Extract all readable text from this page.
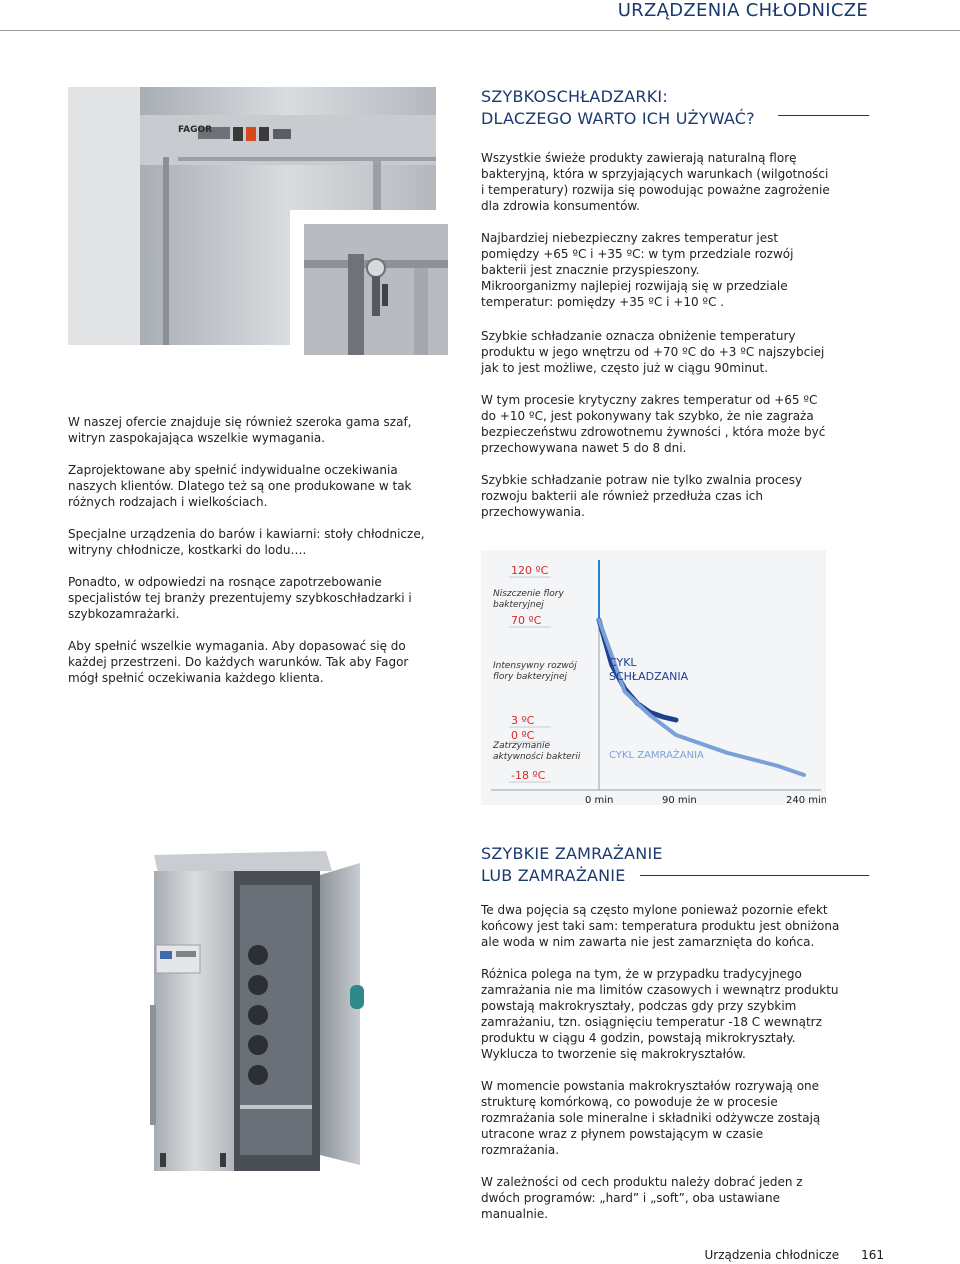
URZĄDZENIA CHŁODNICZE
FAGOR
SZYBKOSCHŁADZARKI:
DLACZEGO WARTO ICH UŻYWAĆ?

Wszystkie świeże produkty zawierają naturalną florę bakteryjną, która w sprzyjających warunkach (wilgotności i temperatury) rozwija się powodując poważne zagrożenie dla zdrowia konsumentów.

Najbardziej niebezpieczny zakres temperatur jest pomiędzy +65 ºC i +35 ºC: w tym przedziale rozwój bakterii jest znacznie przyspieszony.

Mikroorganizmy najlepiej rozwijają się w przedziale temperatur: pomiędzy +35 ºC i +10 ºC .

Szybkie schładzanie oznacza obniżenie temperatury produktu w jego wnętrzu od +70 ºC do +3 ºC najszybciej jak to jest możliwe, często już w ciągu 90minut.

W tym procesie krytyczny zakres temperatur od +65 ºC do +10 ºC, jest pokonywany tak szybko, że nie zagraża bezpieczeństwu zdrowotnemu żywności , która może być przechowywana nawet 5 do 8 dni.

Szybkie schładzanie potraw nie tylko zwalnia procesy rozwoju bakterii ale również przedłuża czas ich przechowywania.

W naszej ofercie znajduje się również szeroka gama szaf, witryn zaspokajająca wszelkie wymagania.

Zaprojektowane aby spełnić indywidualne oczekiwania naszych klientów. Dlatego też są one produkowane w tak różnych rodzajach i wielkościach.

Specjalne urządzenia do barów i kawiarni: stoły chłodnicze, witryny chłodnicze, kostkarki do lodu….

Ponadto, w odpowiedzi na rosnące zapotrzebowanie specjalistów tej branży prezentujemy szybkoschładzarki i szybkozamrażarki.

Aby spełnić wszelkie wymagania. Aby dopasować się do każdej przestrzeni. Do każdych warunków. Tak aby Fagor mógł spełnić oczekiwania każdego klienta.

120 ºC
70 ºC
3 ºC
0 ºC
-18 ºC
0 min	90 min	240 min
Niszczenie flory bakteryjnej
Intensywny rozwój flory bakteryjnej
Zatrzymanie aktywności bakterii
CYKL SCHŁADZANIA
CYKL ZAMRAŻANIA
SZYBKIE ZAMRAŻANIE
LUB ZAMRAŻANIE

Te dwa pojęcia są często mylone ponieważ pozornie efekt końcowy jest taki sam: temperatura produktu jest obniżona ale woda w nim zawarta nie jest zamarznięta do końca.

Różnica polega na tym, że w przypadku tradycyjnego zamrażania nie ma limitów czasowych i wewnątrz produktu powstają makrokryształy, podczas gdy przy szybkim zamrażaniu, tzn. osiągnięciu temperatur -18 C wewnątrz produktu w ciągu 4 godzin, powstają mikrokryształy. Wyklucza to tworzenie się makrokryształów.

W momencie powstania makrokryształów rozrywają one strukturę komórkową, co powoduje że w procesie rozmrażania sole mineralne i składniki odżywcze zostają utracone wraz z płynem powstającym w czasie rozmrażania.

W zależności od cech produktu należy dobrać jeden z dwóch programów: „hard” i „soft”, oba ustawiane manualnie.

Urządzenia chłodnicze 161
